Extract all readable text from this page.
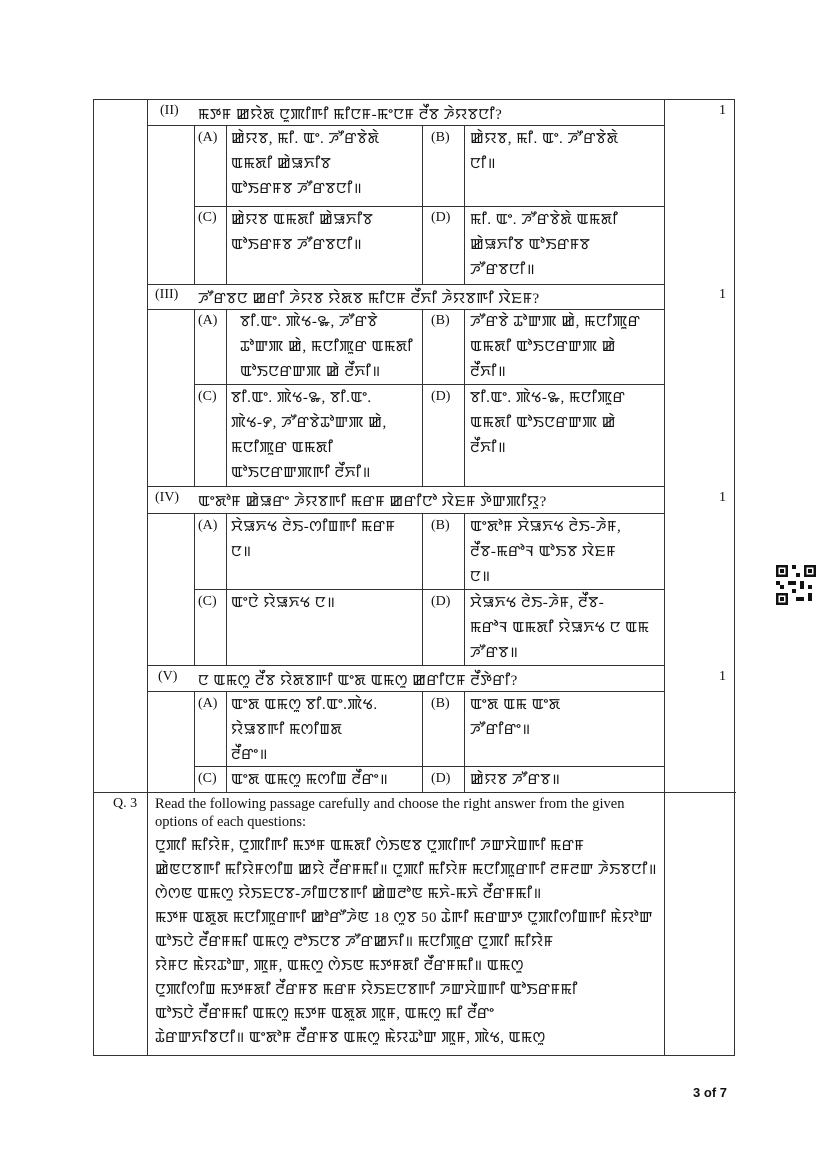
(II) ꯃꯇꯝ ꯀꯌꯥꯗ ꯅꯨꯄꯤꯒꯤ ꯃꯤꯅꯝ-ꯃꯦꯅꯝ ꯂꯩꯕ ꯍꯥꯌꯕꯅꯤ?	1
(A) ꯀꯥꯌꯕ, ꯃꯤ. ꯑꯦ. ꯍꯧꯔꯕꯥꯗꯥ
ꯑꯃꯗꯤ ꯀꯥꯎꯈꯤꯕ
ꯑꯣꯏꯔꯝꯕ ꯍꯧꯔꯕꯅꯤ॥
(B) ꯀꯥꯌꯕ, ꯃꯤ. ꯑꯦ. ꯍꯧꯔꯕꯥꯗꯥ
ꯅꯤ॥
(C) ꯀꯥꯌꯕ ꯑꯃꯗꯤ ꯀꯥꯎꯈꯤꯕ
ꯑꯣꯏꯔꯝꯕ ꯍꯧꯔꯕꯅꯤ॥
(D) ꯃꯤ. ꯑꯦ. ꯍꯧꯔꯕꯥꯗꯥ ꯑꯃꯗꯤ
ꯀꯥꯎꯈꯤꯕ ꯑꯣꯏꯔꯝꯕ
ꯍꯧꯔꯕꯅꯤ॥
(III) ꯍꯧꯔꯕꯅ ꯀꯔꯤ ꯍꯥꯌꯕ ꯌꯥꯗꯕ ꯃꯤꯅꯝ ꯂꯩꯈꯤ ꯍꯥꯌꯕꯒꯤ ꯋꯥꯐꯝ?	1
(A) ꯕꯤ.ꯑꯦ. ꯄꯥꯠ-꯳, ꯍꯧꯔꯕꯥ
ꯊꯣꯛꯄ ꯀꯥ, ꯃꯅꯤꯄꯨꯔ ꯑꯃꯗꯤ
ꯑꯣꯏꯅꯔꯛꯄ ꯀꯥ ꯂꯩꯈꯤ॥
(B) ꯍꯧꯔꯕꯥ ꯊꯣꯛꯄ ꯀꯥ, ꯃꯅꯤꯄꯨꯔ
ꯑꯃꯗꯤ ꯑꯣꯏꯅꯔꯛꯄ ꯀꯥ
ꯂꯩꯈꯤ॥
(C) ꯕꯤ.ꯑꯦ. ꯄꯥꯠ-꯳, ꯕꯤ.ꯑꯦ.
ꯄꯥꯠ-꯸, ꯍꯧꯔꯕꯥꯊꯣꯛꯄ ꯀꯥ,
ꯃꯅꯤꯄꯨꯔ ꯑꯃꯗꯤ
ꯑꯣꯏꯅꯔꯛꯄꯒꯤ ꯂꯩꯈꯤ॥
(D) ꯕꯤ.ꯑꯦ. ꯄꯥꯠ-꯳, ꯃꯅꯤꯄꯨꯔ
ꯑꯃꯗꯤ ꯑꯣꯏꯅꯔꯛꯄ ꯀꯥ
ꯂꯩꯈꯤ॥
(IV) ꯑꯦꯗꯣꯝ ꯀꯥꯎꯔꯦ ꯍꯥꯌꯕꯒꯤ ꯃꯔꯝ ꯀꯔꯤꯅꯣ ꯋꯥꯐꯝ ꯇꯥꯛꯄꯤꯌꯨ?	1
(A) ꯆꯥꯎꯈꯠ ꯂꯥꯏ-ꯁꯤꯡꯒꯤ ꯃꯔꯝ
ꯅ॥
(B) ꯑꯦꯗꯣꯝ ꯆꯥꯎꯈꯠ ꯂꯥꯏ-ꯍꯥꯝ,
ꯂꯩꯕ-ꯃꯔꯣꯜ ꯑꯣꯏꯕ ꯋꯥꯐꯝ
ꯅ॥
(C) ꯑꯦꯅꯥ ꯌꯥꯎꯈꯠ ꯅ॥	(D) ꯆꯥꯎꯈꯠ ꯂꯥꯏ-ꯍꯥꯝ, ꯂꯩꯕ-
ꯃꯔꯣꯜ ꯑꯃꯗꯤ ꯌꯥꯎꯈꯠ ꯅ ꯑꯃ
ꯍꯧꯔꯕ॥
(V) ꯅ ꯑꯃꯁꯨ ꯂꯩꯕ ꯌꯥꯗꯕꯒꯤ ꯑꯦꯗ ꯑꯃꯁꯨ ꯀꯔꯤꯅꯝ ꯂꯩꯇꯥꯔꯤ?	1
(A) ꯑꯦꯗ ꯑꯃꯁꯨ ꯕꯤ.ꯑꯦ.ꯄꯥꯠ.
ꯌꯥꯎꯕꯒꯤ ꯃꯁꯤꯡꯗ
ꯂꯩꯔꯦ॥
(B) ꯑꯦꯗ ꯑꯃ ꯑꯦꯗ
ꯍꯧꯔꯤꯔꯦ॥
(C) ꯑꯦꯗ ꯑꯃꯁꯨ ꯃꯁꯤꯡ ꯂꯩꯔꯦ॥	(D) ꯀꯥꯌꯕ ꯍꯧꯔꯕ॥
Q. 3 Read the following passage carefully and choose the right answer from the given
options of each questions:
ꯅꯨꯄꯤ ꯃꯤꯌꯥꯝ, ꯅꯨꯄꯤꯒꯤ ꯃꯇꯝ ꯑꯃꯗꯤ ꯁꯥꯏꯟꯕ ꯅꯨꯄꯤꯒꯤ ꯍꯛꯆꯥꯡꯒꯤ ꯃꯔꯝ
ꯀꯥꯟꯅꯕꯒꯤ ꯃꯤꯌꯥꯝꯁꯤꯡ ꯀꯌꯥ ꯂꯩꯔꯝꯃꯤ॥ ꯅꯨꯄꯤ ꯃꯤꯌꯥꯝ ꯃꯅꯤꯄꯨꯔꯒꯤ ꯂꯝꯂꯛ ꯍꯥꯏꯕꯅꯤ॥
ꯁꯥꯁꯟ ꯑꯃꯁꯨ ꯌꯥꯏꯐꯅꯕ-ꯍꯤꯡꯅꯕꯒꯤ ꯀꯥꯡꯂꯣꯟ ꯃꯈꯥ-ꯃꯈꯥ ꯂꯩꯔꯝꯃꯤ॥
ꯃꯇꯝ ꯑꯗꯨꯗ ꯃꯅꯤꯄꯨꯔꯒꯤ ꯀꯣꯔꯧꯍꯥꯟ 18 ꯁꯨꯕ 50 ꯊꯥꯒꯤ ꯃꯔꯛꯇ ꯅꯨꯄꯤꯁꯤꯡꯒꯤ ꯃꯥꯌꯣꯛ
ꯑꯣꯏꯅꯥ ꯂꯩꯔꯝꯃꯤ ꯑꯃꯁꯨ ꯂꯣꯏꯅꯕ ꯍꯧꯔꯀꯈꯤ॥ ꯃꯅꯤꯄꯨꯔ ꯅꯨꯄꯤ ꯃꯤꯌꯥꯝ
ꯌꯥꯝꯅ ꯃꯥꯌꯊꯣꯛ, ꯄꯨꯝ, ꯑꯃꯁꯨ ꯁꯥꯏꯟ ꯃꯇꯝꯗꯤ ꯂꯩꯔꯝꯃꯤ॥ ꯑꯃꯁꯨ
ꯅꯨꯄꯤꯁꯤꯡ ꯃꯇꯝꯗꯤ ꯂꯩꯔꯝꯕ ꯃꯔꯝ ꯌꯥꯏꯐꯅꯕꯒꯤ ꯍꯛꯆꯥꯡꯒꯤ ꯑꯣꯏꯔꯝꯃꯤ
ꯑꯣꯏꯅꯥ ꯂꯩꯔꯝꯃꯤ ꯑꯃꯁꯨ ꯃꯇꯝ ꯑꯗꯨꯗ ꯄꯨꯝ, ꯑꯃꯁꯨ ꯃꯤ ꯂꯩꯔꯦ
ꯊꯥꯔꯛꯈꯤꯕꯅꯤ॥ ꯑꯦꯗꯣꯝ ꯂꯩꯔꯝꯕ ꯑꯃꯁꯨ ꯃꯥꯌꯊꯣꯛ ꯄꯨꯝ, ꯄꯥꯠ, ꯑꯃꯁꯨ
3 of 7
